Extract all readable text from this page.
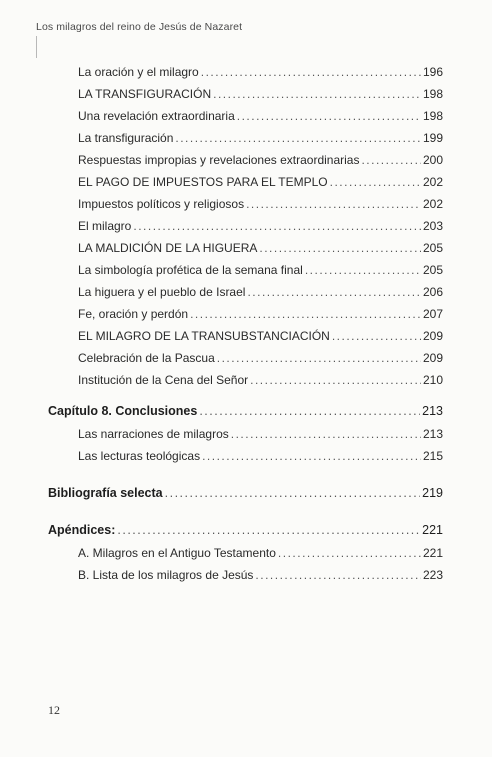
Los milagros del reino de Jesús de Nazaret
La oración y el milagro .....	196
LA TRANSFIGURACIÓN .....	198
Una revelación extraordinaria .....	198
La transfiguración .....	199
Respuestas impropias y revelaciones extraordinarias .....	200
EL PAGO DE IMPUESTOS PARA EL TEMPLO .....	202
Impuestos políticos y religiosos .....	202
El milagro .....	203
LA MALDICIÓN DE LA HIGUERA .....	205
La simbología profética de la semana final .....	205
La higuera y el pueblo de Israel .....	206
Fe, oración y perdón .....	207
EL MILAGRO DE LA TRANSUBSTANCIACIÓN .....	209
Celebración de la Pascua .....	209
Institución de la Cena del Señor .....	210
Capítulo 8. Conclusiones .....	213
Las narraciones de milagros .....	213
Las lecturas teológicas .....	215
Bibliografía selecta .....	219
Apéndices: .....	221
A. Milagros en el Antiguo Testamento .....	221
B. Lista de los milagros de Jesús .....	223
12
